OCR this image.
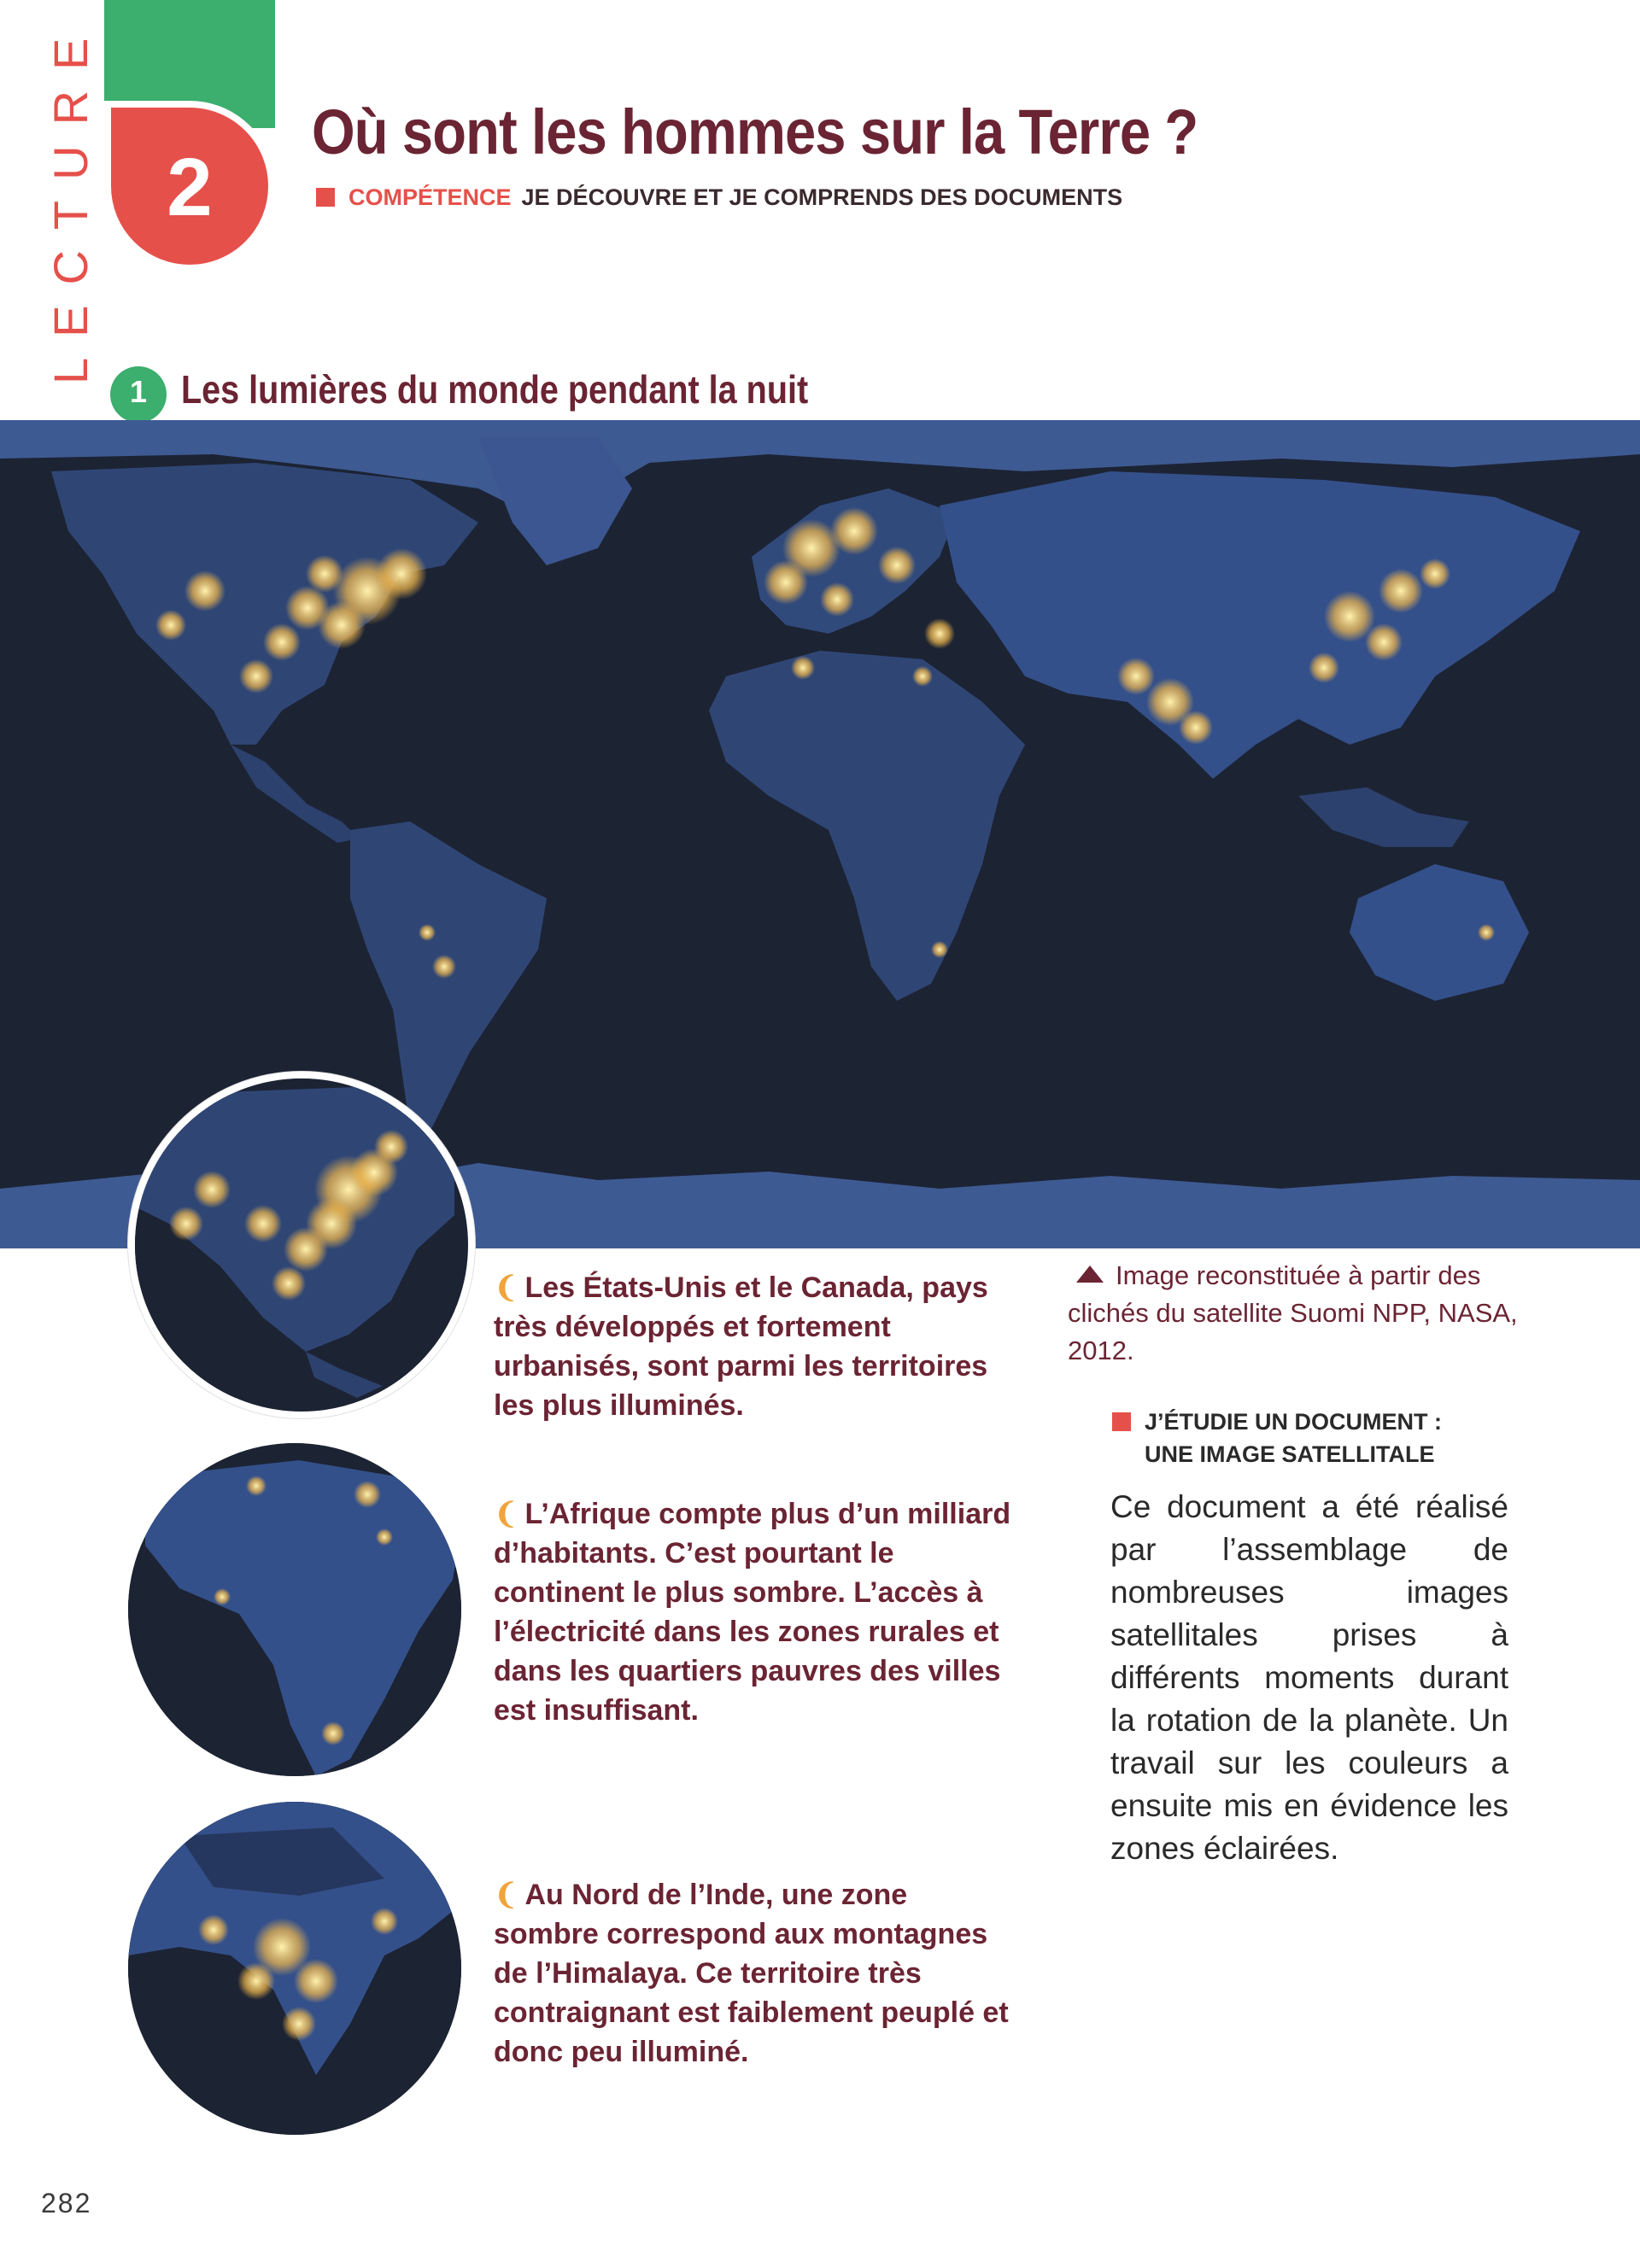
LECTURE 2
Où sont les hommes sur la Terre ?
COMPÉTENCE JE DÉCOUVRE ET JE COMPRENDS DES DOCUMENTS
1 Les lumières du monde pendant la nuit
❨ Les États-Unis et le Canada, pays très développés et fortement urbanisés, sont parmi les territoires les plus illuminés.
❨ L’Afrique compte plus d’un milliard d’habitants. C’est pourtant le continent le plus sombre. L’accès à l’électricité dans les zones rurales et dans les quartiers pauvres des villes est insuffisant.
❨ Au Nord de l’Inde, une zone sombre correspond aux montagnes de l’Himalaya. Ce territoire très contraignant est faiblement peuplé et donc peu illuminé.
Image reconstituée à partir des clichés du satellite Suomi NPP, NASA, 2012.
J’ÉTUDIE UN DOCUMENT :
UNE IMAGE SATELLITALE
Ce document a été réalisé par l’assemblage de nombreuses images satellitales prises à différents moments durant la rotation de la planète. Un travail sur les couleurs a ensuite mis en évidence les zones éclairées.
282
